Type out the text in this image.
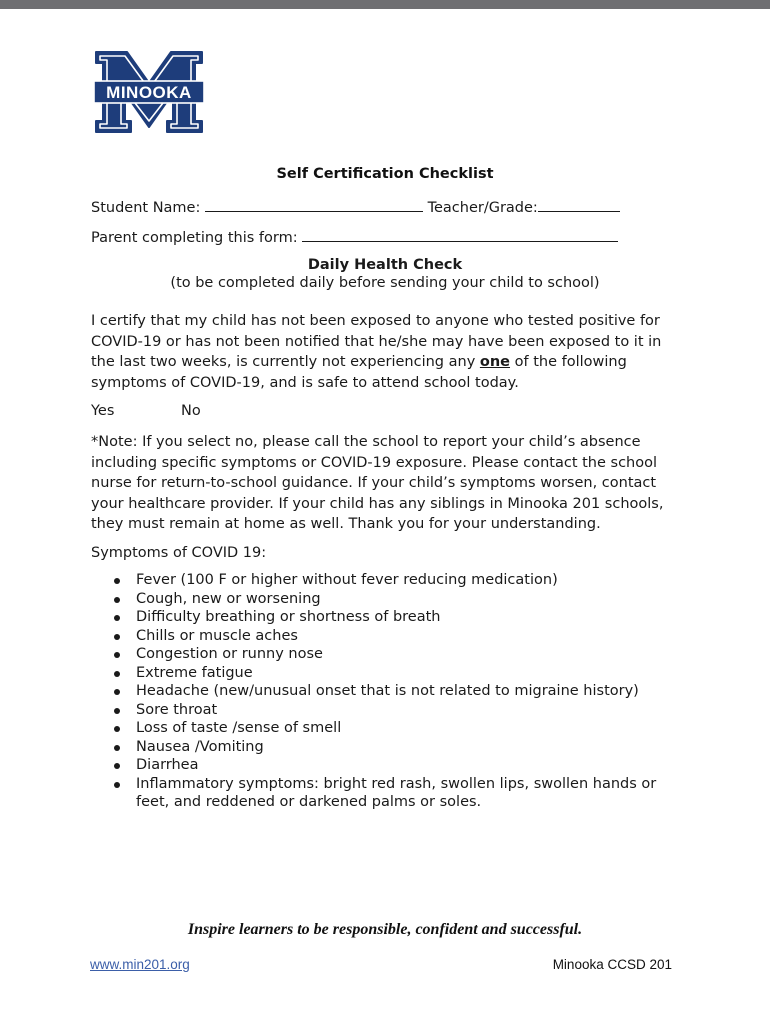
MINOOKA
Self Certification Checklist
Student Name:	Teacher/Grade:
Parent completing this form:
Daily Health Check
(to be completed daily before sending your child to school)
I certify that my child has not been exposed to anyone who tested positive for COVID-19 or has not been notified that he/she may have been exposed to it in the last two weeks, is currently not experiencing any one of the following symptoms of COVID-19, and is safe to attend school today.
Yes	No
*Note: If you select no, please call the school to report your child’s absence including specific symptoms or COVID-19 exposure. Please contact the school nurse for return-to-school guidance. If your child’s symptoms worsen, contact your healthcare provider. If your child has any siblings in Minooka 201 schools, they must remain at home as well. Thank you for your understanding.
Symptoms of COVID 19:
Fever (100 F or higher without fever reducing medication)
Cough, new or worsening
Difficulty breathing or shortness of breath
Chills or muscle aches
Congestion or runny nose
Extreme fatigue
Headache (new/unusual onset that is not related to migraine history)
Sore throat
Loss of taste /sense of smell
Nausea /Vomiting
Diarrhea
Inflammatory symptoms: bright red rash, swollen lips, swollen hands or feet, and reddened or darkened palms or soles.
Inspire learners to be responsible, confident and successful.
www.min201.org	Minooka CCSD 201
